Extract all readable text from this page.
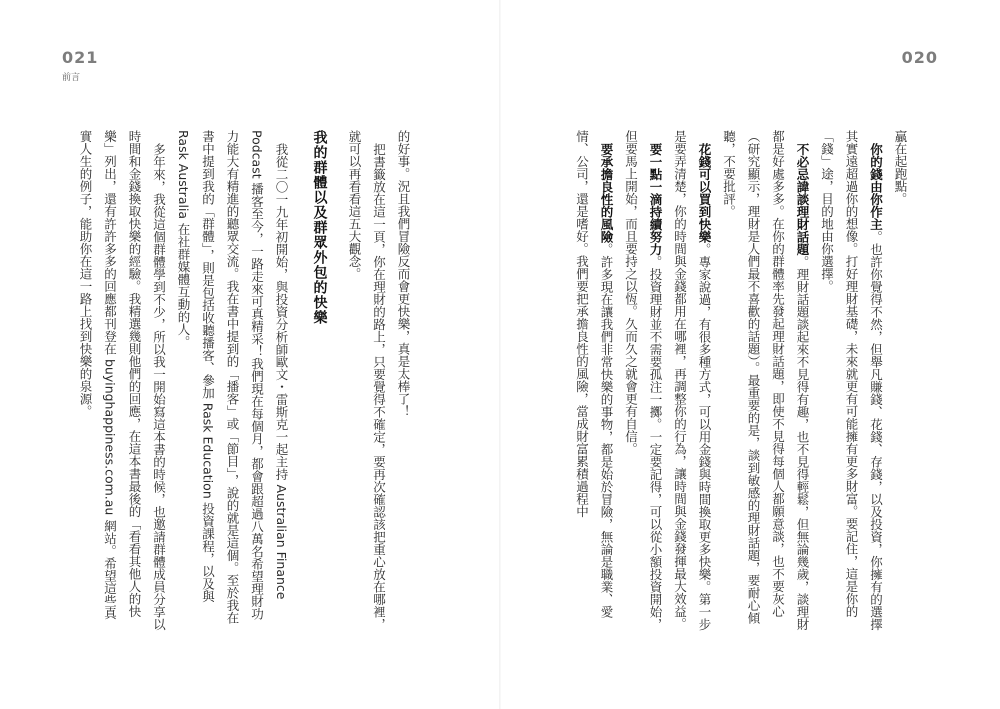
021
前言
020

贏在起跑點。

你的錢由你作主。也許你覺得不然，但舉凡賺錢、花錢、存錢，以及投資，你擁有的選擇其實遠超過你的想像。打好理財基礎，未來就更有可能擁有更多財富。要記住，這是你的「錢」途，目的地由你選擇。

不必忌諱談理財話題。理財話題談起來不見得有趣，也不見得輕鬆，但無論幾歲，談理財都是好處多多。在你的群體率先發起理財話題，即使不見得每個人都願意談，也不要灰心（研究顯示，理財是人們最不喜歡的話題）。最重要的是，談到敏感的理財話題，要耐心傾聽，不要批評。

花錢可以買到快樂。專家說過，有很多種方式，可以用金錢與時間換取更多快樂。第一步是要弄清楚，你的時間與金錢都用在哪裡，再調整你的行為，讓時間與金錢發揮最大效益。

要一點一滴持續努力。投資理財並不需要孤注一擲。一定要記得，可以從小額投資開始，但要馬上開始，而且要持之以恆。久而久之就會更有自信。

要承擔良性的風險。許多現在讓我們非常快樂的事物，都是始於冒險，無論是職業、愛情、公司，還是嗜好。我們要把承擔良性的風險，當成財富累積過程中

的好事。況且我們冒險反而會更快樂，真是太棒了！

把書籤放在這一頁，你在理財的路上，只要覺得不確定，要再次確認該把重心放在哪裡，就可以再看看這五大觀念。

我的群體以及群眾外包的快樂

我從二〇一九年初開始，與投資分析師歐文・雷斯克一起主持 Australian Finance Podcast 播客至今，一路走來可真精采！我們現在每個月，都會跟超過八萬名希望理財功力能大有精進的聽眾交流。我在書中提到的「播客」或「節目」，說的就是這個。至於我在書中提到我的「群體」，則是包括收聽播客、參加 Rask Education 投資課程，以及與 Rask Australia 在社群媒體互動的人。

多年來，我從這個群體學到不少，所以我一開始寫這本書的時候，也邀請群體成員分享以時間和金錢換取快樂的經驗。我精選幾則他們的回應，在這本書最後的「看看其他人的快樂」列出，還有許許多多的回應都刊登在 buyinghappiness.com.au 網站。希望這些真實人生的例子，能助你在這一路上找到快樂的泉源。
